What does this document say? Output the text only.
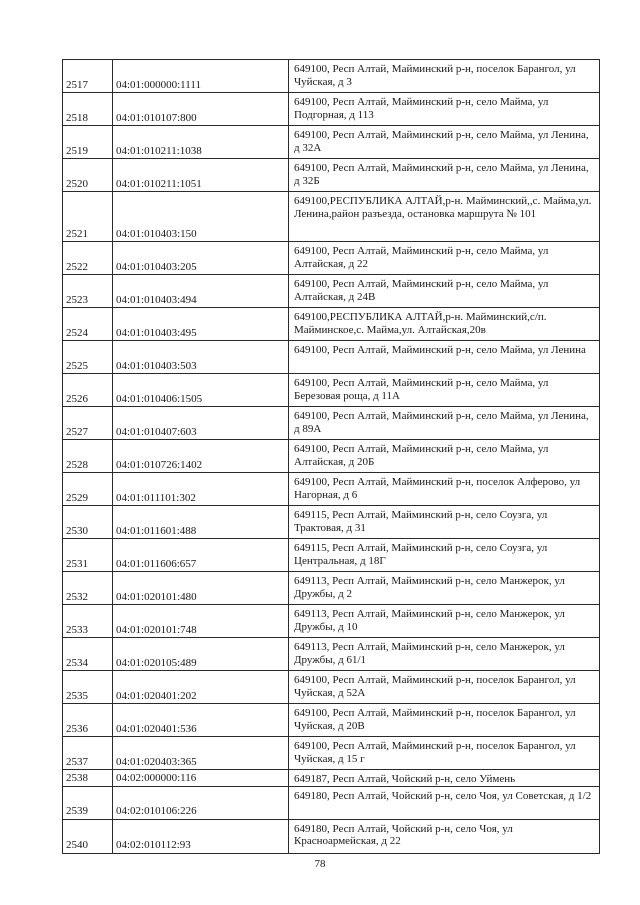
2517	04:01:000000:1111	649100, Респ Алтай, Майминский р-н, поселок Барангол, ул Чуйская, д 3
2518	04:01:010107:800	649100, Респ Алтай, Майминский р-н, село Майма, ул Подгорная, д 113
2519	04:01:010211:1038	649100, Респ Алтай, Майминский р-н, село Майма, ул Ленина, д 32А
2520	04:01:010211:1051	649100, Респ Алтай, Майминский р-н, село Майма, ул Ленина, д 32Б
2521	04:01:010403:150	649100,РЕСПУБЛИКА АЛТАЙ,р-н. Майминский,,с. Майма,ул. Ленина,район разъезда, остановка маршрута № 101
2522	04:01:010403:205	649100, Респ Алтай, Майминский р-н, село Майма, ул Алтайская, д 22
2523	04:01:010403:494	649100, Респ Алтай, Майминский р-н, село Майма, ул Алтайская, д 24В
2524	04:01:010403:495	649100,РЕСПУБЛИКА АЛТАЙ,р-н. Майминский,с/п. Майминское,с. Майма,ул. Алтайская,20в
2525	04:01:010403:503	649100, Респ Алтай, Майминский р-н, село Майма, ул Ленина
2526	04:01:010406:1505	649100, Респ Алтай, Майминский р-н, село Майма, ул Березовая роща, д 11А
2527	04:01:010407:603	649100, Респ Алтай, Майминский р-н, село Майма, ул Ленина, д 89А
2528	04:01:010726:1402	649100, Респ Алтай, Майминский р-н, село Майма, ул Алтайская, д 20Б
2529	04:01:011101:302	649100, Респ Алтай, Майминский р-н, поселок Алферово, ул Нагорная, д 6
2530	04:01:011601:488	649115, Респ Алтай, Майминский р-н, село Соузга, ул Трактовая, д 31
2531	04:01:011606:657	649115, Респ Алтай, Майминский р-н, село Соузга, ул Центральная, д 18Г
2532	04:01:020101:480	649113, Респ Алтай, Майминский р-н, село Манжерок, ул Дружбы, д 2
2533	04:01:020101:748	649113, Респ Алтай, Майминский р-н, село Манжерок, ул Дружбы, д 10
2534	04:01:020105:489	649113, Респ Алтай, Майминский р-н, село Манжерок, ул Дружбы, д 61/1
2535	04:01:020401:202	649100, Респ Алтай, Майминский р-н, поселок Барангол, ул Чуйская, д 52А
2536	04:01:020401:536	649100, Респ Алтай, Майминский р-н, поселок Барангол, ул Чуйская, д 20В
2537	04:01:020403:365	649100, Респ Алтай, Майминский р-н, поселок Барангол, ул Чуйская, д 15 г
2538	04:02:000000:116	649187, Респ Алтай, Чойский р-н, село Уймень
2539	04:02:010106:226	649180, Респ Алтай, Чойский р-н, село Чоя, ул Советская, д 1/2
2540	04:02:010112:93	649180, Респ Алтай, Чойский р-н, село Чоя, ул Красноармейская, д 22
78
